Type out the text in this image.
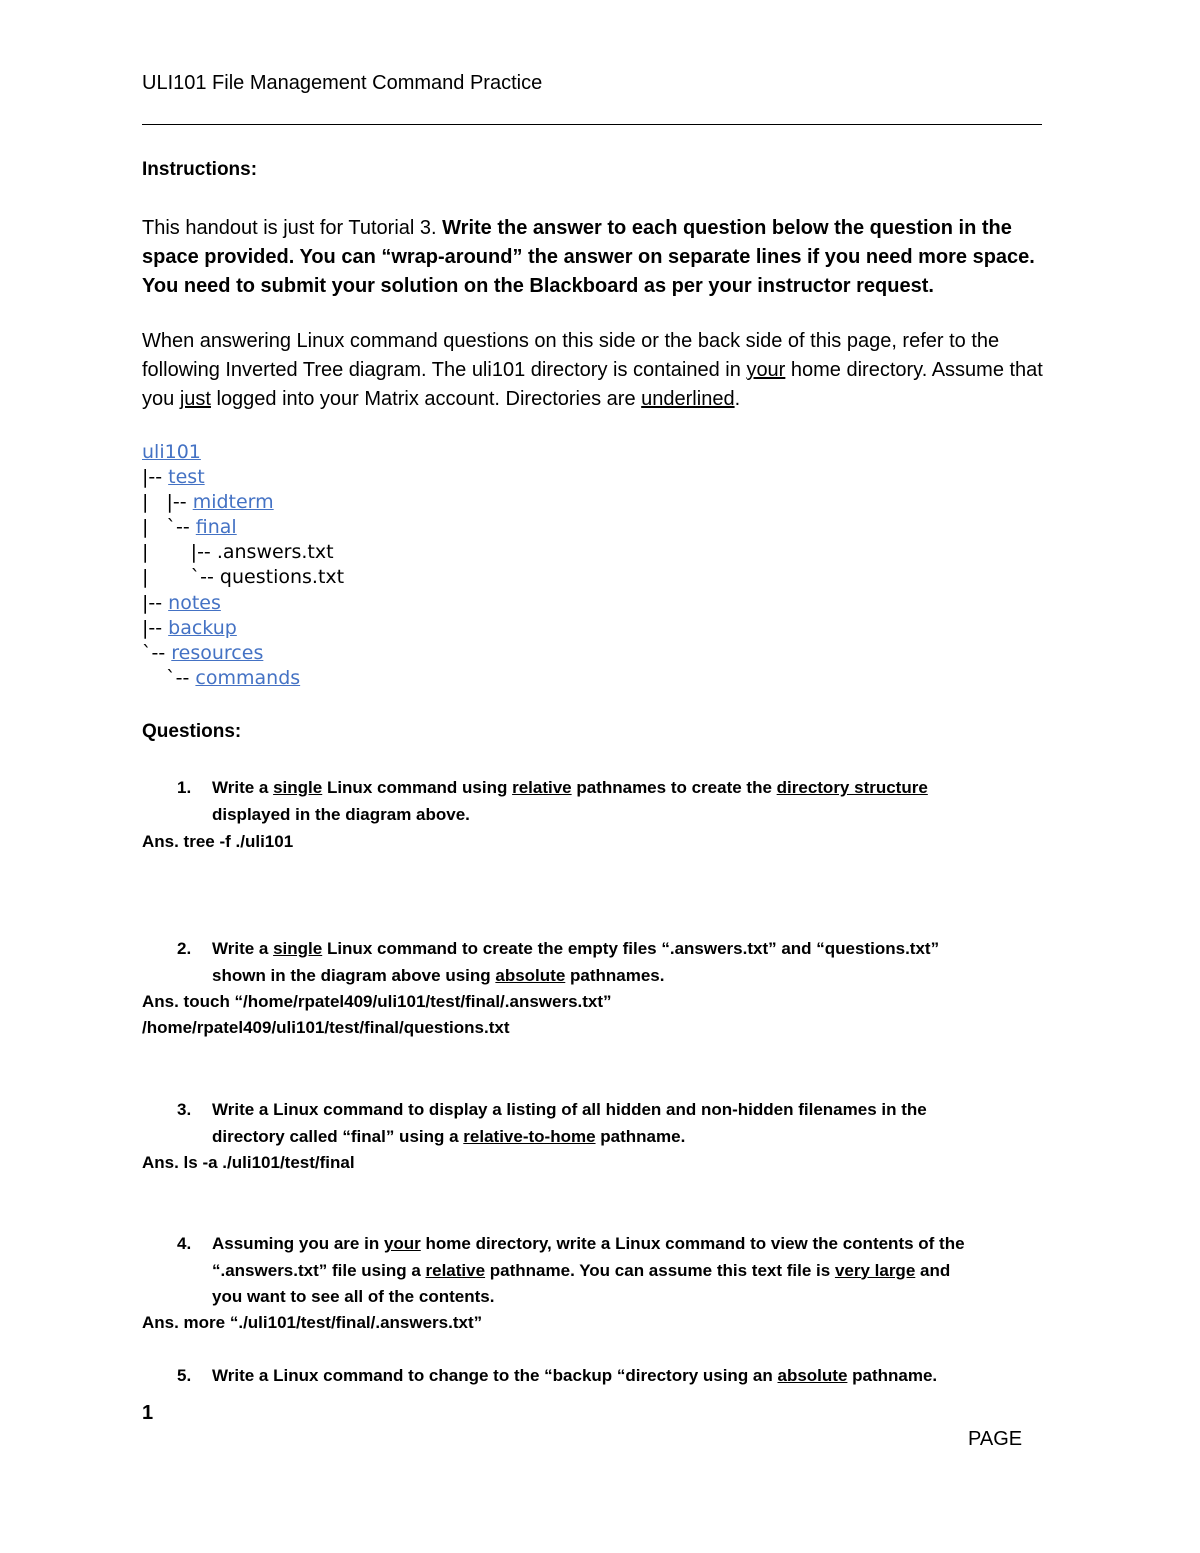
ULI101 File Management Command Practice
Instructions:
This handout is just for Tutorial 3. Write the answer to each question below the question in the space provided. You can “wrap-around” the answer on separate lines if you need more space. You need to submit your solution on the Blackboard as per your instructor request.
When answering Linux command questions on this side or the back side of this page, refer to the following Inverted Tree diagram. The uli101 directory is contained in your home directory. Assume that you just logged into your Matrix account. Directories are underlined.
uli101
|-- test
|   |-- midterm
|   `-- final
|       |-- .answers.txt
|       `-- questions.txt
|-- notes
|-- backup
`-- resources
`-- commands
Questions:
1. Write a single Linux command using relative pathnames to create the directory structure
displayed in the diagram above.
Ans. tree -f ./uli101
2. Write a single Linux command to create the empty files “.answers.txt” and “questions.txt”
shown in the diagram above using absolute pathnames.
Ans. touch “/home/rpatel409/uli101/test/final/.answers.txt”
/home/rpatel409/uli101/test/final/questions.txt
3. Write a Linux command to display a listing of all hidden and non-hidden filenames in the
directory called “final” using a relative-to-home pathname.
Ans. ls -a ./uli101/test/final
4. Assuming you are in your home directory, write a Linux command to view the contents of the
“.answers.txt” file using a relative pathname. You can assume this text file is very large and
you want to see all of the contents.
Ans. more “./uli101/test/final/.answers.txt”
5. Write a Linux command to change to the “backup “directory using an absolute pathname.
1
PAGE
